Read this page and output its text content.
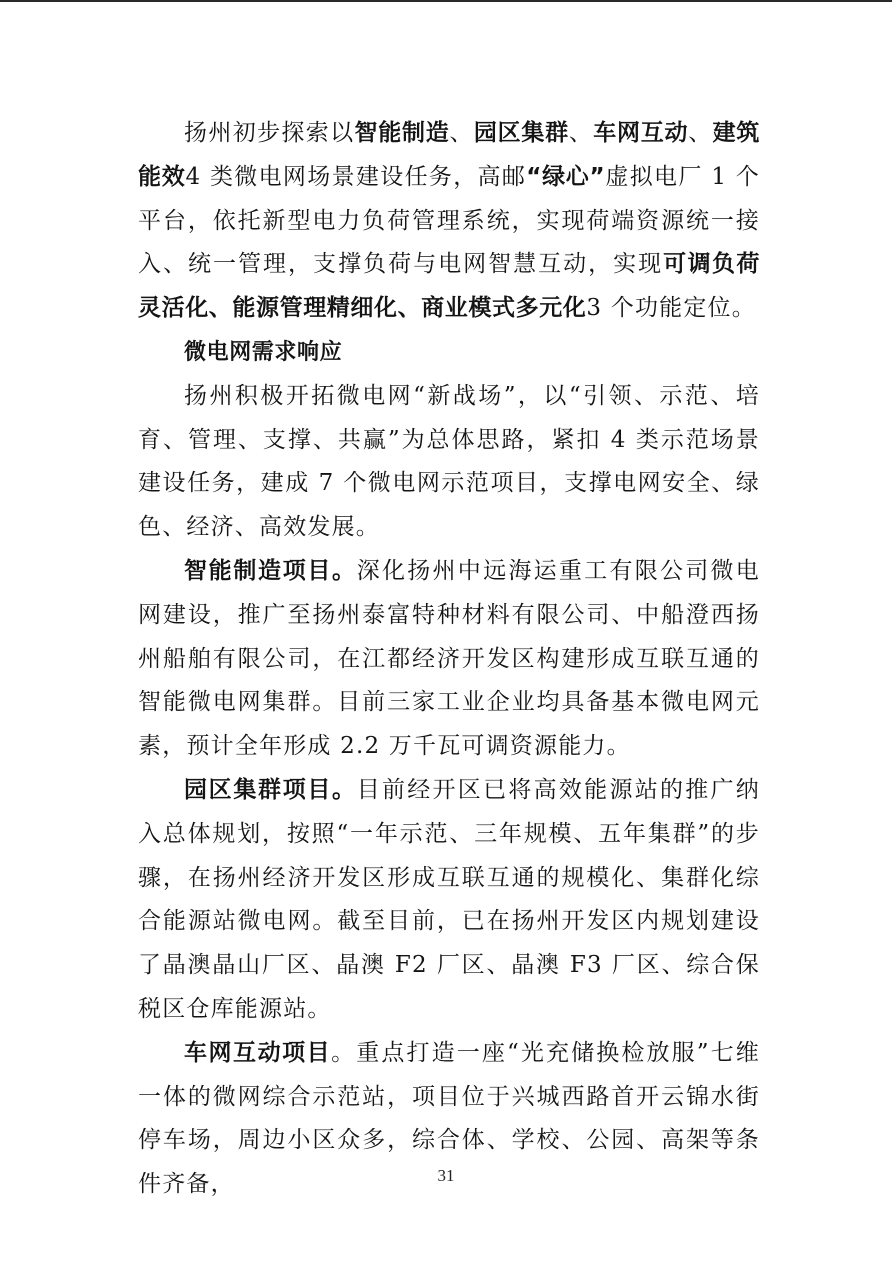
扬州初步探索以智能制造、园区集群、车网互动、建筑能效4 类微电网场景建设任务，高邮“绿心”虚拟电厂 1 个平台，依托新型电力负荷管理系统，实现荷端资源统一接入、统一管理，支撑负荷与电网智慧互动，实现可调负荷灵活化、能源管理精细化、商业模式多元化3 个功能定位。

微电网需求响应

扬州积极开拓微电网“新战场”，以“引领、示范、培育、管理、支撑、共赢”为总体思路，紧扣 4 类示范场景建设任务，建成 7 个微电网示范项目，支撑电网安全、绿色、经济、高效发展。

智能制造项目。深化扬州中远海运重工有限公司微电网建设，推广至扬州泰富特种材料有限公司、中船澄西扬州船舶有限公司，在江都经济开发区构建形成互联互通的智能微电网集群。目前三家工业企业均具备基本微电网元素，预计全年形成 2.2 万千瓦可调资源能力。

园区集群项目。目前经开区已将高效能源站的推广纳入总体规划，按照“一年示范、三年规模、五年集群”的步骤，在扬州经济开发区形成互联互通的规模化、集群化综合能源站微电网。截至目前，已在扬州开发区内规划建设了晶澳晶山厂区、晶澳 F2 厂区、晶澳 F3 厂区、综合保税区仓库能源站。

车网互动项目。重点打造一座“光充储换检放服”七维一体的微网综合示范站，项目位于兴城西路首开云锦水街停车场，周边小区众多，综合体、学校、公园、高架等条件齐备，	31
